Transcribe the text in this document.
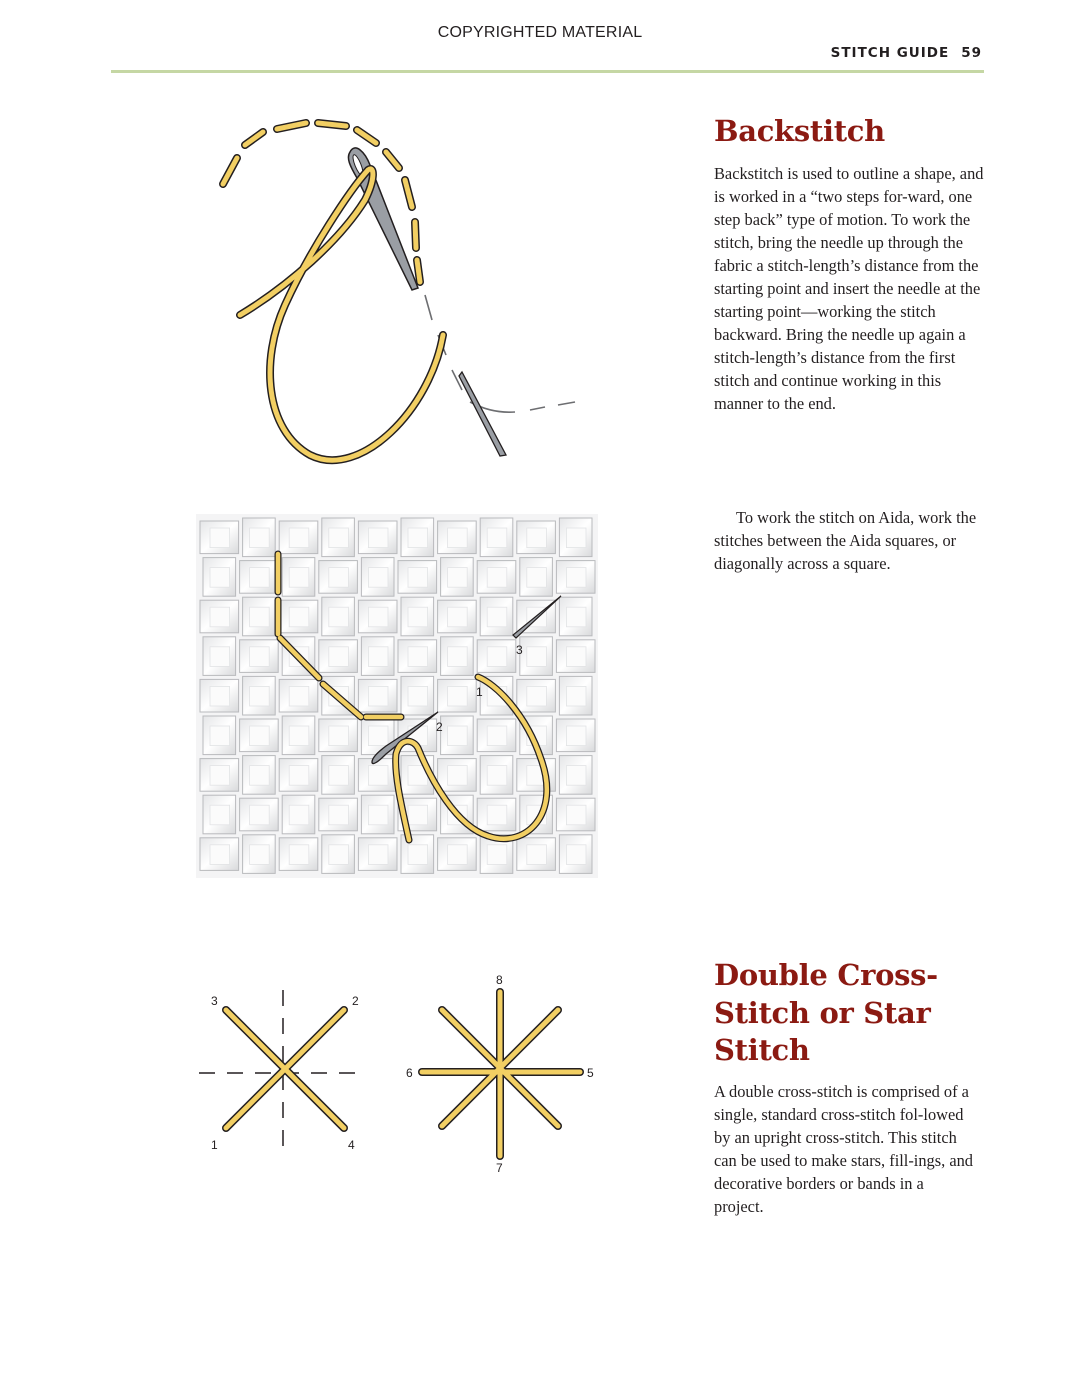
COPYRIGHTED MATERIAL
STITCH GUIDE 59
Backstitch

Backstitch is used to outline a shape, and is worked in a “two steps for-ward, one step back” type of motion. To work the stitch, bring the needle up through the fabric a stitch-length’s distance from the starting point and insert the needle at the starting point—working the stitch backward. Bring the needle up again a stitch-length’s distance from the first stitch and continue working in this manner to the end.

To work the stitch on Aida, work the stitches between the Aida squares, or diagonally across a square.

Double Cross-Stitch or Star Stitch

A double cross-stitch is comprised of a single, standard cross-stitch fol-lowed by an upright cross-stitch. This stitch can be used to make stars, fill-ings, and decorative borders or bands in a project.

1
2
3
1
2
3
4
5
6
7
8
